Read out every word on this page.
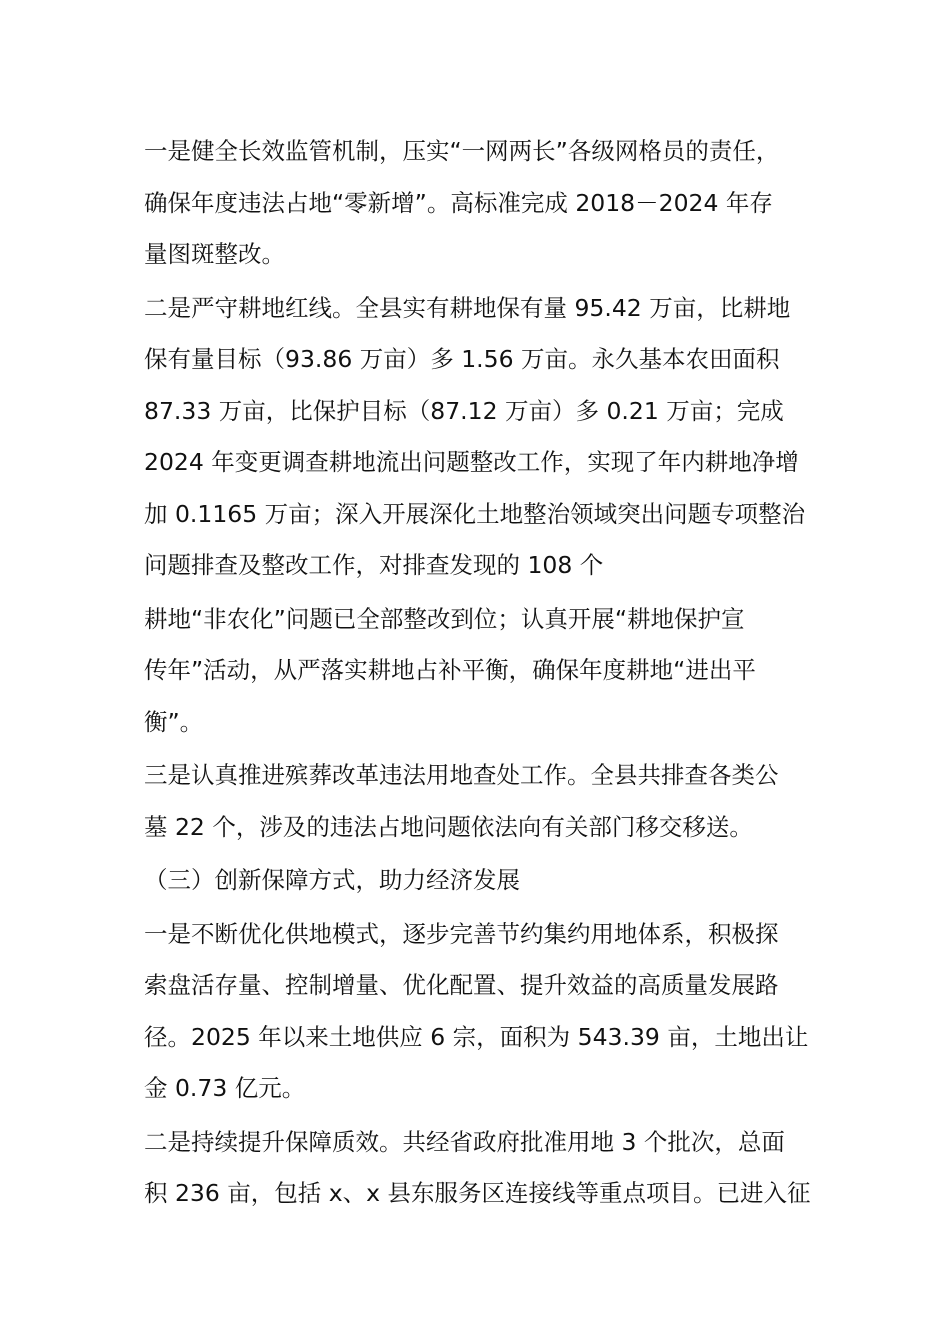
一是健全长效监管机制，压实“一网两长”各级网格员的责任，
确保年度违法占地“零新增”。高标准完成 2018－2024 年存
量图斑整改。
二是严守耕地红线。全县实有耕地保有量 95.42 万亩，比耕地
保有量目标（93.86 万亩）多 1.56 万亩。永久基本农田面积
87.33 万亩，比保护目标（87.12 万亩）多 0.21 万亩；完成
2024 年变更调查耕地流出问题整改工作，实现了年内耕地净增
加 0.1165 万亩；深入开展深化土地整治领域突出问题专项整治
问题排查及整改工作，对排查发现的 108 个
耕地“非农化”问题已全部整改到位；认真开展“耕地保护宣
传年”活动，从严落实耕地占补平衡，确保年度耕地“进出平
衡”。
三是认真推进殡葬改革违法用地查处工作。全县共排查各类公
墓 22 个，涉及的违法占地问题依法向有关部门移交移送。
（三）创新保障方式，助力经济发展
一是不断优化供地模式，逐步完善节约集约用地体系，积极探
索盘活存量、控制增量、优化配置、提升效益的高质量发展路
径。2025 年以来土地供应 6 宗，面积为 543.39 亩，土地出让
金 0.73 亿元。
二是持续提升保障质效。共经省政府批准用地 3 个批次，总面
积 236 亩，包括 x、x 县东服务区连接线等重点项目。已进入征
